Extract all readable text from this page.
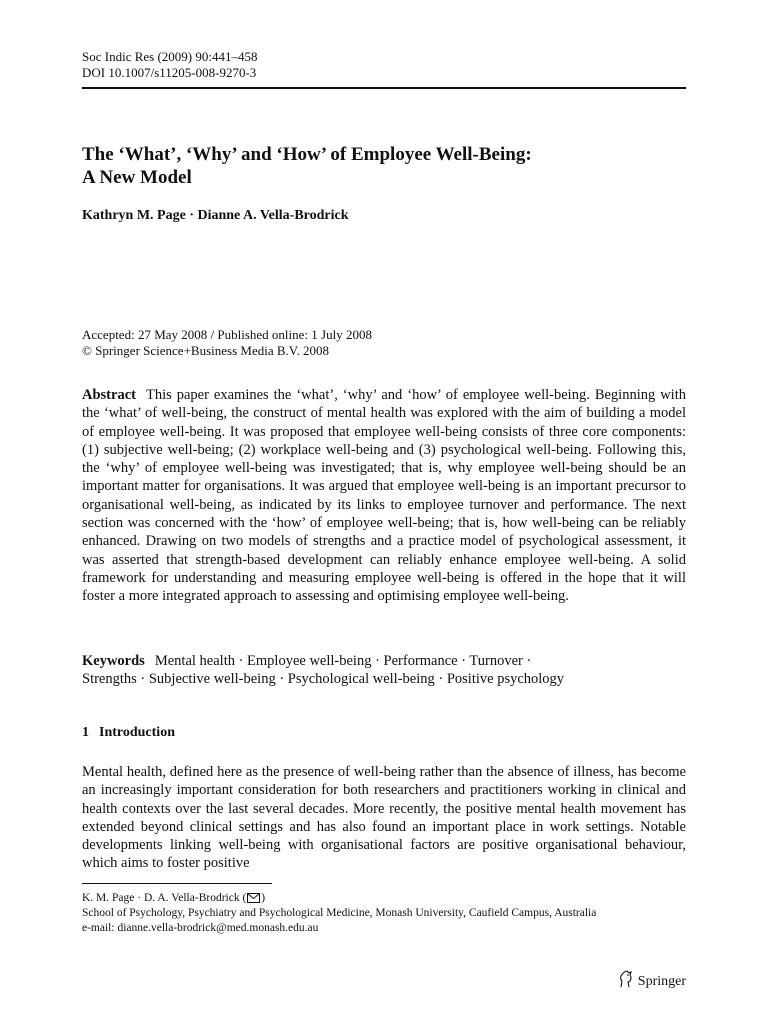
Soc Indic Res (2009) 90:441–458
DOI 10.1007/s11205-008-9270-3
The ‘What’, ‘Why’ and ‘How’ of Employee Well-Being:
A New Model
Kathryn M. Page · Dianne A. Vella-Brodrick
Accepted: 27 May 2008 / Published online: 1 July 2008
© Springer Science+Business Media B.V. 2008
Abstract This paper examines the ‘what’, ‘why’ and ‘how’ of employee well-being. Beginning with the ‘what’ of well-being, the construct of mental health was explored with the aim of building a model of employee well-being. It was proposed that employee well-being consists of three core components: (1) subjective well-being; (2) workplace well-being and (3) psychological well-being. Following this, the ‘why’ of employee well-being was investigated; that is, why employee well-being should be an important matter for organisations. It was argued that employee well-being is an important precursor to organisational well-being, as indicated by its links to employee turnover and performance. The next section was concerned with the ‘how’ of employee well-being; that is, how well-being can be reliably enhanced. Drawing on two models of strengths and a practice model of psychological assessment, it was asserted that strength-based development can reliably enhance employee well-being. A solid framework for understanding and measuring employee well-being is offered in the hope that it will foster a more integrated approach to assessing and optimising employee well-being.
Keywords Mental health · Employee well-being · Performance · Turnover ·
Strengths · Subjective well-being · Psychological well-being · Positive psychology
1 Introduction
Mental health, defined here as the presence of well-being rather than the absence of illness, has become an increasingly important consideration for both researchers and practitioners working in clinical and health contexts over the last several decades. More recently, the positive mental health movement has extended beyond clinical settings and has also found an important place in work settings. Notable developments linking well-being with organisational factors are positive organisational behaviour, which aims to foster positive
K. M. Page · D. A. Vella-Brodrick ( )
School of Psychology, Psychiatry and Psychological Medicine, Monash University, Caufield Campus, Australia
e-mail: dianne.vella-brodrick@med.monash.edu.au
Springer
